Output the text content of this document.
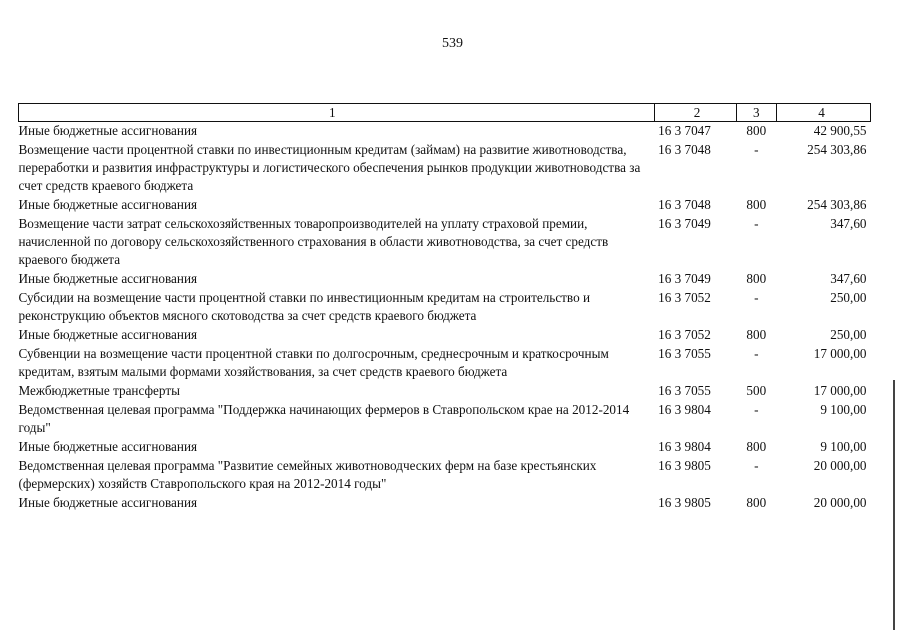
539
1	2	3	4
Иные бюджетные ассигнования	16 3 7047	800	42 900,55
Возмещение части процентной ставки по инвестиционным кредитам (займам) на развитие животноводства, переработки и развития инфраструктуры и логистического обеспечения рынков продукции животноводства за счет средств краевого бюджета	16 3 7048	-	254 303,86
Иные бюджетные ассигнования	16 3 7048	800	254 303,86
Возмещение части затрат сельскохозяйственных товаропроизводителей на уплату страховой премии, начисленной по договору сельскохозяйственного страхования в области животноводства, за счет средств краевого бюджета	16 3 7049	-	347,60
Иные бюджетные ассигнования	16 3 7049	800	347,60
Субсидии на возмещение части процентной ставки по инвестиционным кредитам на строительство и реконструкцию объектов мясного скотоводства за счет средств краевого бюджета	16 3 7052	-	250,00
Иные бюджетные ассигнования	16 3 7052	800	250,00
Субвенции на возмещение части процентной ставки по долгосрочным, среднесрочным и краткосрочным кредитам, взятым малыми формами хозяйствования, за счет средств краевого бюджета	16 3 7055	-	17 000,00
Межбюджетные трансферты	16 3 7055	500	17 000,00
Ведомственная целевая программа "Поддержка начинающих фермеров в Ставропольском крае на 2012-2014 годы"	16 3 9804	-	9 100,00
Иные бюджетные ассигнования	16 3 9804	800	9 100,00
Ведомственная целевая программа "Развитие семейных животноводческих ферм на базе крестьянских (фермерских) хозяйств Ставропольского края на 2012-2014 годы"	16 3 9805	-	20 000,00
Иные бюджетные ассигнования	16 3 9805	800	20 000,00
